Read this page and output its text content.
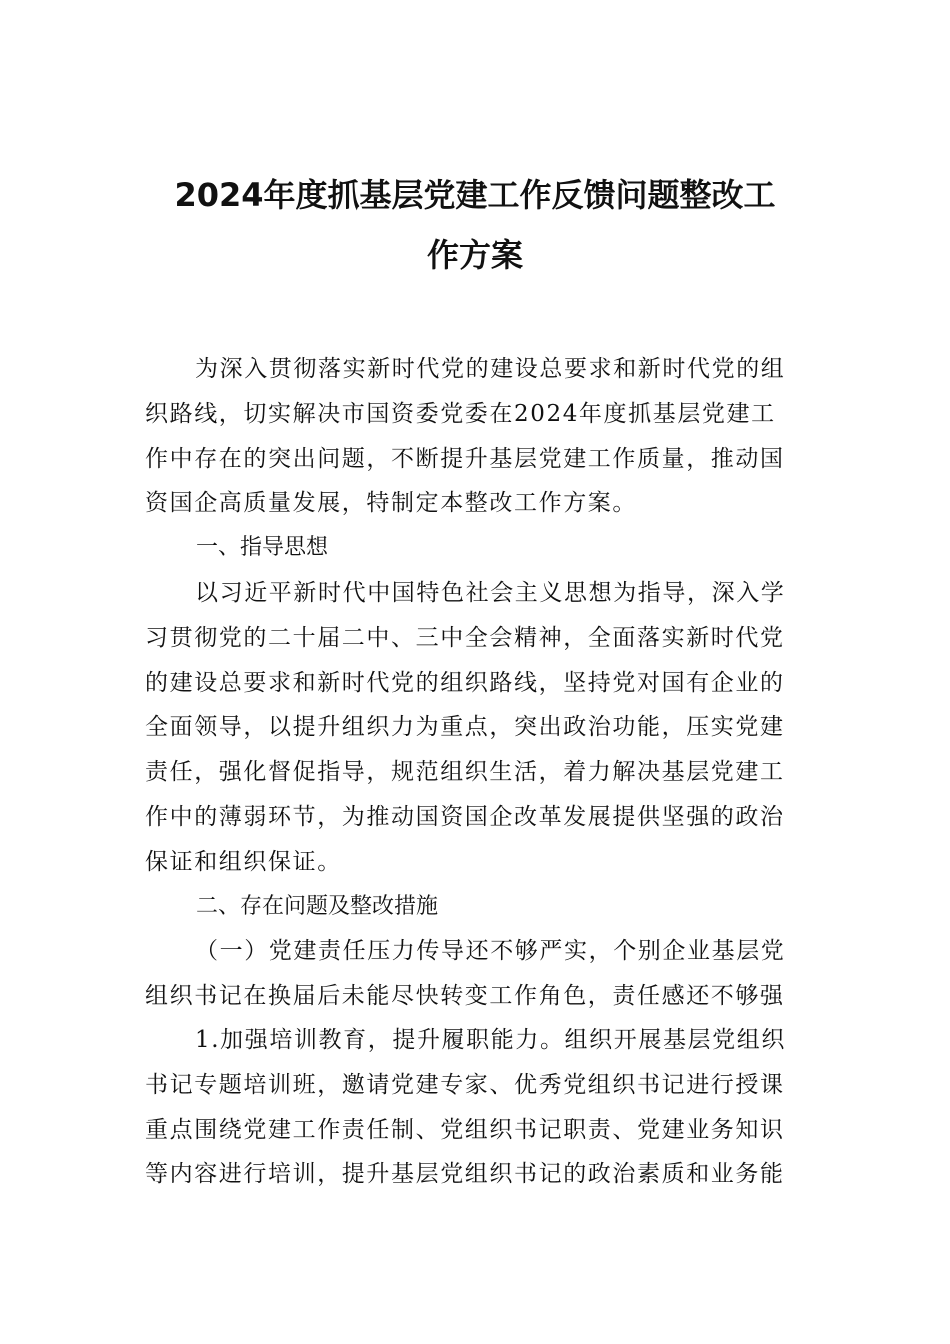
2024年度抓基层党建工作反馈问题整改工
作方案
为深入贯彻落实新时代党的建设总要求和新时代党的组
织路线，切实解决市国资委党委在2024年度抓基层党建工
作中存在的突出问题，不断提升基层党建工作质量，推动国
资国企高质量发展，特制定本整改工作方案。
一、指导思想
以习近平新时代中国特色社会主义思想为指导，深入学
习贯彻党的二十届二中、三中全会精神，全面落实新时代党
的建设总要求和新时代党的组织路线，坚持党对国有企业的
全面领导，以提升组织力为重点，突出政治功能，压实党建
责任，强化督促指导，规范组织生活，着力解决基层党建工
作中的薄弱环节，为推动国资国企改革发展提供坚强的政治
保证和组织保证。
二、存在问题及整改措施
（一）党建责任压力传导还不够严实，个别企业基层党
组织书记在换届后未能尽快转变工作角色，责任感还不够强
1.加强培训教育，提升履职能力。组织开展基层党组织
书记专题培训班，邀请党建专家、优秀党组织书记进行授课
重点围绕党建工作责任制、党组织书记职责、党建业务知识
等内容进行培训，提升基层党组织书记的政治素质和业务能
